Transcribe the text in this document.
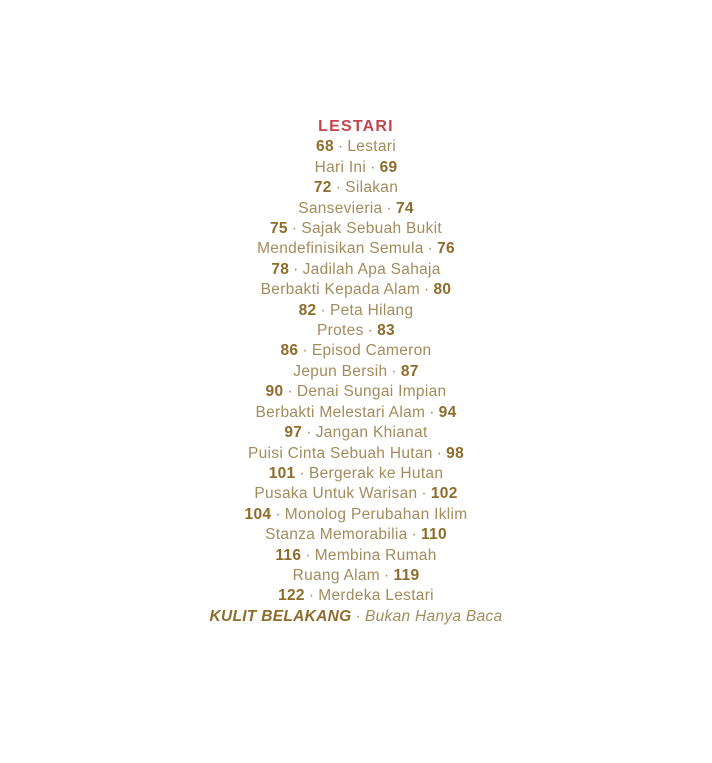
LESTARI
68 · Lestari
Hari Ini · 69
72 · Silakan
Sansevieria · 74
75 · Sajak Sebuah Bukit
Mendefinisikan Semula · 76
78 · Jadilah Apa Sahaja
Berbakti Kepada Alam · 80
82 · Peta Hilang
Protes · 83
86 · Episod Cameron
Jepun Bersih · 87
90 · Denai Sungai Impian
Berbakti Melestari Alam · 94
97 · Jangan Khianat
Puisi Cinta Sebuah Hutan · 98
101 · Bergerak ke Hutan
Pusaka Untuk Warisan · 102
104 · Monolog Perubahan Iklim
Stanza Memorabilia · 110
116 · Membina Rumah
Ruang Alam · 119
122 · Merdeka Lestari
KULIT BELAKANG · Bukan Hanya Baca
